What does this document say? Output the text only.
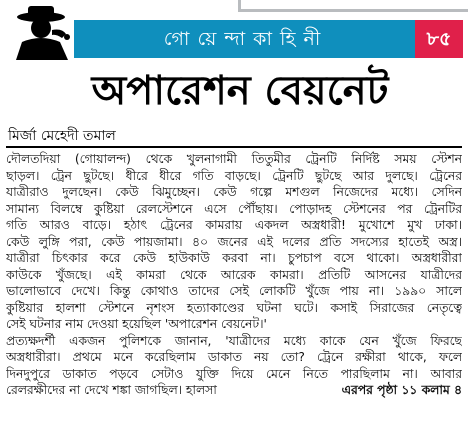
গো য়ে ন্দা কা হি নী	৮৫
অপারেশন বেয়নেট
মির্জা মেহেদী তমাল
দৌলতদিয়া (গোয়ালন্দ) থেকে খুলনাগামী তিতুমীর ট্রেনটি নির্দিষ্ট সময় স্টেশন
ছাড়ল। ট্রেন ছুটছে। ধীরে ধীরে গতি বাড়ছে। ট্রেনটি ছুটছে আর দুলছে। ট্রেনের
যাত্রীরাও দুলছেন। কেউ ঝিমুচ্ছেন। কেউ গল্পে মশগুল নিজেদের মধ্যে। সেদিন
সামান্য বিলম্বে কুষ্টিয়া রেলস্টেশনে এসে পৌঁছায়। পোড়াদহ স্টেশনের পর ট্রেনটির
গতি আরও বাড়ে। হঠাৎ ট্রেনের কামরায় একদল অস্ত্রধারী! মুখোশে মুখ ঢাকা।
কেউ লুঙ্গি পরা, কেউ পায়জামা। ৪০ জনের এই দলের প্রতি সদস্যের হাতেই অস্ত্র।
যাত্রীরা চিৎকার করে কেউ হাউকাউ করবা না। চুপচাপ বসে থাকো। অস্ত্রধারীরা
কাউকে খুঁজছে। এই কামরা থেকে আরেক কামরা। প্রতিটি আসনের যাত্রীদের
ভালোভাবে দেখে। কিন্তু কোথাও তাদের সেই লোকটি খুঁজে পায় না। ১৯৯০ সালে
কুষ্টিয়ার হালশা স্টেশনে নৃশংস হত্যাকাণ্ডের ঘটনা ঘটে। কসাই সিরাজের নেতৃত্বে
সেই ঘটনার নাম দেওয়া হয়েছিল 'অপারেশন বেয়নেট।'
প্রত্যক্ষদর্শী একজন পুলিশকে জানান, 'যাত্রীদের মধ্যে কাকে যেন খুঁজে ফিরছে
অস্ত্রধারীরা। প্রথমে মনে করেছিলাম ডাকাত নয় তো? ট্রেনে রক্ষীরা থাকে, ফলে
দিনদুপুরে ডাকাত পড়বে সেটাও যুক্তি দিয়ে মেনে নিতে পারছিলাম না। আবার
রেলরক্ষীদের না দেখে শঙ্কা জাগছিল। হালসা	এরপর পৃষ্ঠা ১১ কলাম ৪
